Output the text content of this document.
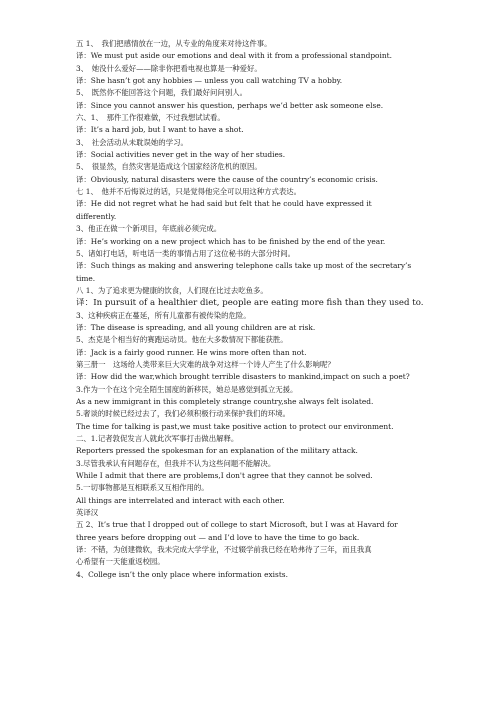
五 1、　我们把感情放在一边，从专业的角度来对待这件事。
译：We must put aside our emotions and deal with it from a professional standpoint.
3、　她没什么爱好——除非你把看电视也算是一种爱好。
译：She hasn’t got any hobbies — unless you call watching TV a hobby.
5、　既然你不能回答这个问题，我们最好问问别人。
译：Since you cannot answer his question, perhaps we’d better ask someone else.
六、1、　那件工作很难做，不过我想试试看。
译：It’s a hard job, but I want to have a shot.
3、　社会活动从未耽误她的学习。
译：Social activities never get in the way of her studies.
5、　很显然，自然灾害是造成这个国家经济危机的原因。
译：Obviously, natural disasters were the cause of the country’s economic crisis.
七 1、　他并不后悔说过的话，只是觉得他完全可以用这种方式表达。
译：He did not regret what he had said but felt that he could have expressed it
differently.
3、他正在做一个新项目，年底前必须完成。
译：He’s working on a new project which has to be finished by the end of the year.
5、诸如打电话，听电话一类的事情占用了这位秘书的大部分时间。
译：Such things as making and answering telephone calls take up most of the secretary’s
time.
八 1、为了追求更为健康的饮食，人们现在比过去吃鱼多。
译：In pursuit of a healthier diet, people are eating more fish than they used to.
3、这种疾病正在蔓延，所有儿童都有被传染的危险。
译：The disease is spreading, and all young children are at risk.
5、杰克是个相当好的赛跑运动员。他在大多数情况下都能获胜。
译：Jack is a fairly good runner. He wins more often than not.
第三册一　这场给人类带来巨大灾难的战争对这样一个诗人产生了什么影响呢？
译：How did the war,which brought terrible disasters to mankind,impact on such a poet?
3.作为一个在这个完全陌生国度的新移民，她总是感觉到孤立无援。
As a new immigrant in this completely strange country,she always felt isolated.
5.奢谈的时候已经过去了，我们必须积极行动来保护我们的环境。
The time for talking is past,we must take positive action to protect our environment.
二、1.记者敦促发言人就此次军事打击做出解释。
Reporters pressed the spokesman for an explanation of the military attack.
3.尽管我承认有问题存在，但我并不认为这些问题不能解决。
While I admit that there are problems,I don't agree that they cannot be solved.
5.一切事物都是互相联系又互相作用的。
All things are interrelated and interact with each other.
英译汉
五 2、It’s true that I dropped out of college to start Microsoft, but I was at Havard for
three years before dropping out — and I’d love to have the time to go back.
译：不错，为创建微软，我未完成大学学业，不过辍学前我已经在哈弗待了三年，而且我真
心希望有一天能重返校园。
4、College isn’t the only place where information exists.
